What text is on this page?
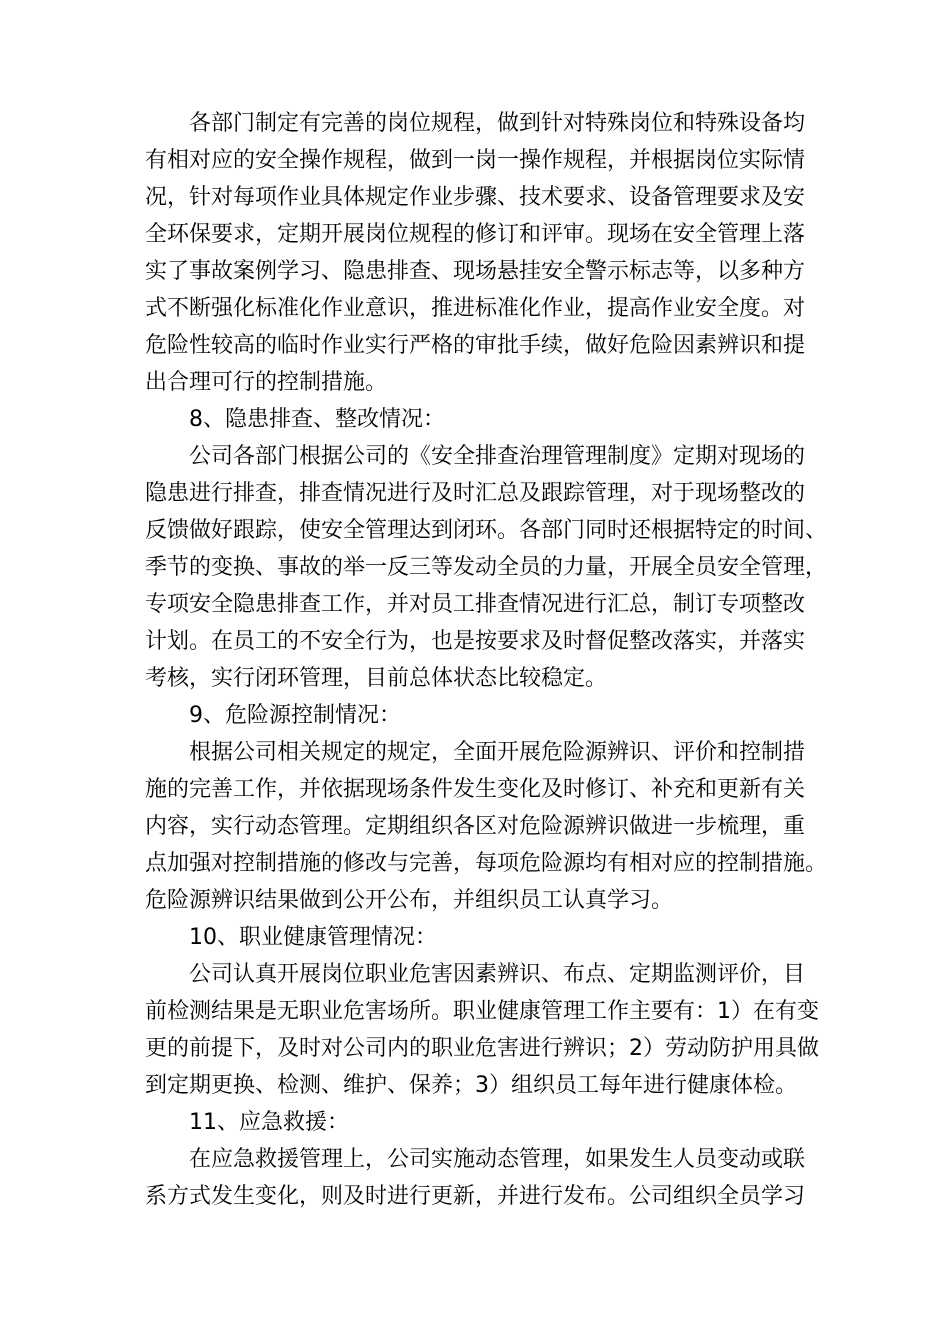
各部门制定有完善的岗位规程，做到针对特殊岗位和特殊设备均
有相对应的安全操作规程，做到一岗一操作规程，并根据岗位实际情
况，针对每项作业具体规定作业步骤、技术要求、设备管理要求及安
全环保要求，定期开展岗位规程的修订和评审。现场在安全管理上落
实了事故案例学习、隐患排查、现场悬挂安全警示标志等，以多种方
式不断强化标准化作业意识，推进标准化作业，提高作业安全度。对
危险性较高的临时作业实行严格的审批手续，做好危险因素辨识和提
出合理可行的控制措施。
8、隐患排查、整改情况：
公司各部门根据公司的《安全排查治理管理制度》定期对现场的
隐患进行排查，排查情况进行及时汇总及跟踪管理，对于现场整改的
反馈做好跟踪，使安全管理达到闭环。各部门同时还根据特定的时间、
季节的变换、事故的举一反三等发动全员的力量，开展全员安全管理，
专项安全隐患排查工作，并对员工排查情况进行汇总，制订专项整改
计划。在员工的不安全行为，也是按要求及时督促整改落实，并落实
考核，实行闭环管理，目前总体状态比较稳定。
9、危险源控制情况：
根据公司相关规定的规定，全面开展危险源辨识、评价和控制措
施的完善工作，并依据现场条件发生变化及时修订、补充和更新有关
内容，实行动态管理。定期组织各区对危险源辨识做进一步梳理，重
点加强对控制措施的修改与完善，每项危险源均有相对应的控制措施。
危险源辨识结果做到公开公布，并组织员工认真学习。
10、职业健康管理情况：
公司认真开展岗位职业危害因素辨识、布点、定期监测评价，目
前检测结果是无职业危害场所。职业健康管理工作主要有：1）在有变
更的前提下，及时对公司内的职业危害进行辨识；2）劳动防护用具做
到定期更换、检测、维护、保养；3）组织员工每年进行健康体检。
11、应急救援：
在应急救援管理上，公司实施动态管理，如果发生人员变动或联
系方式发生变化，则及时进行更新，并进行发布。公司组织全员学习
